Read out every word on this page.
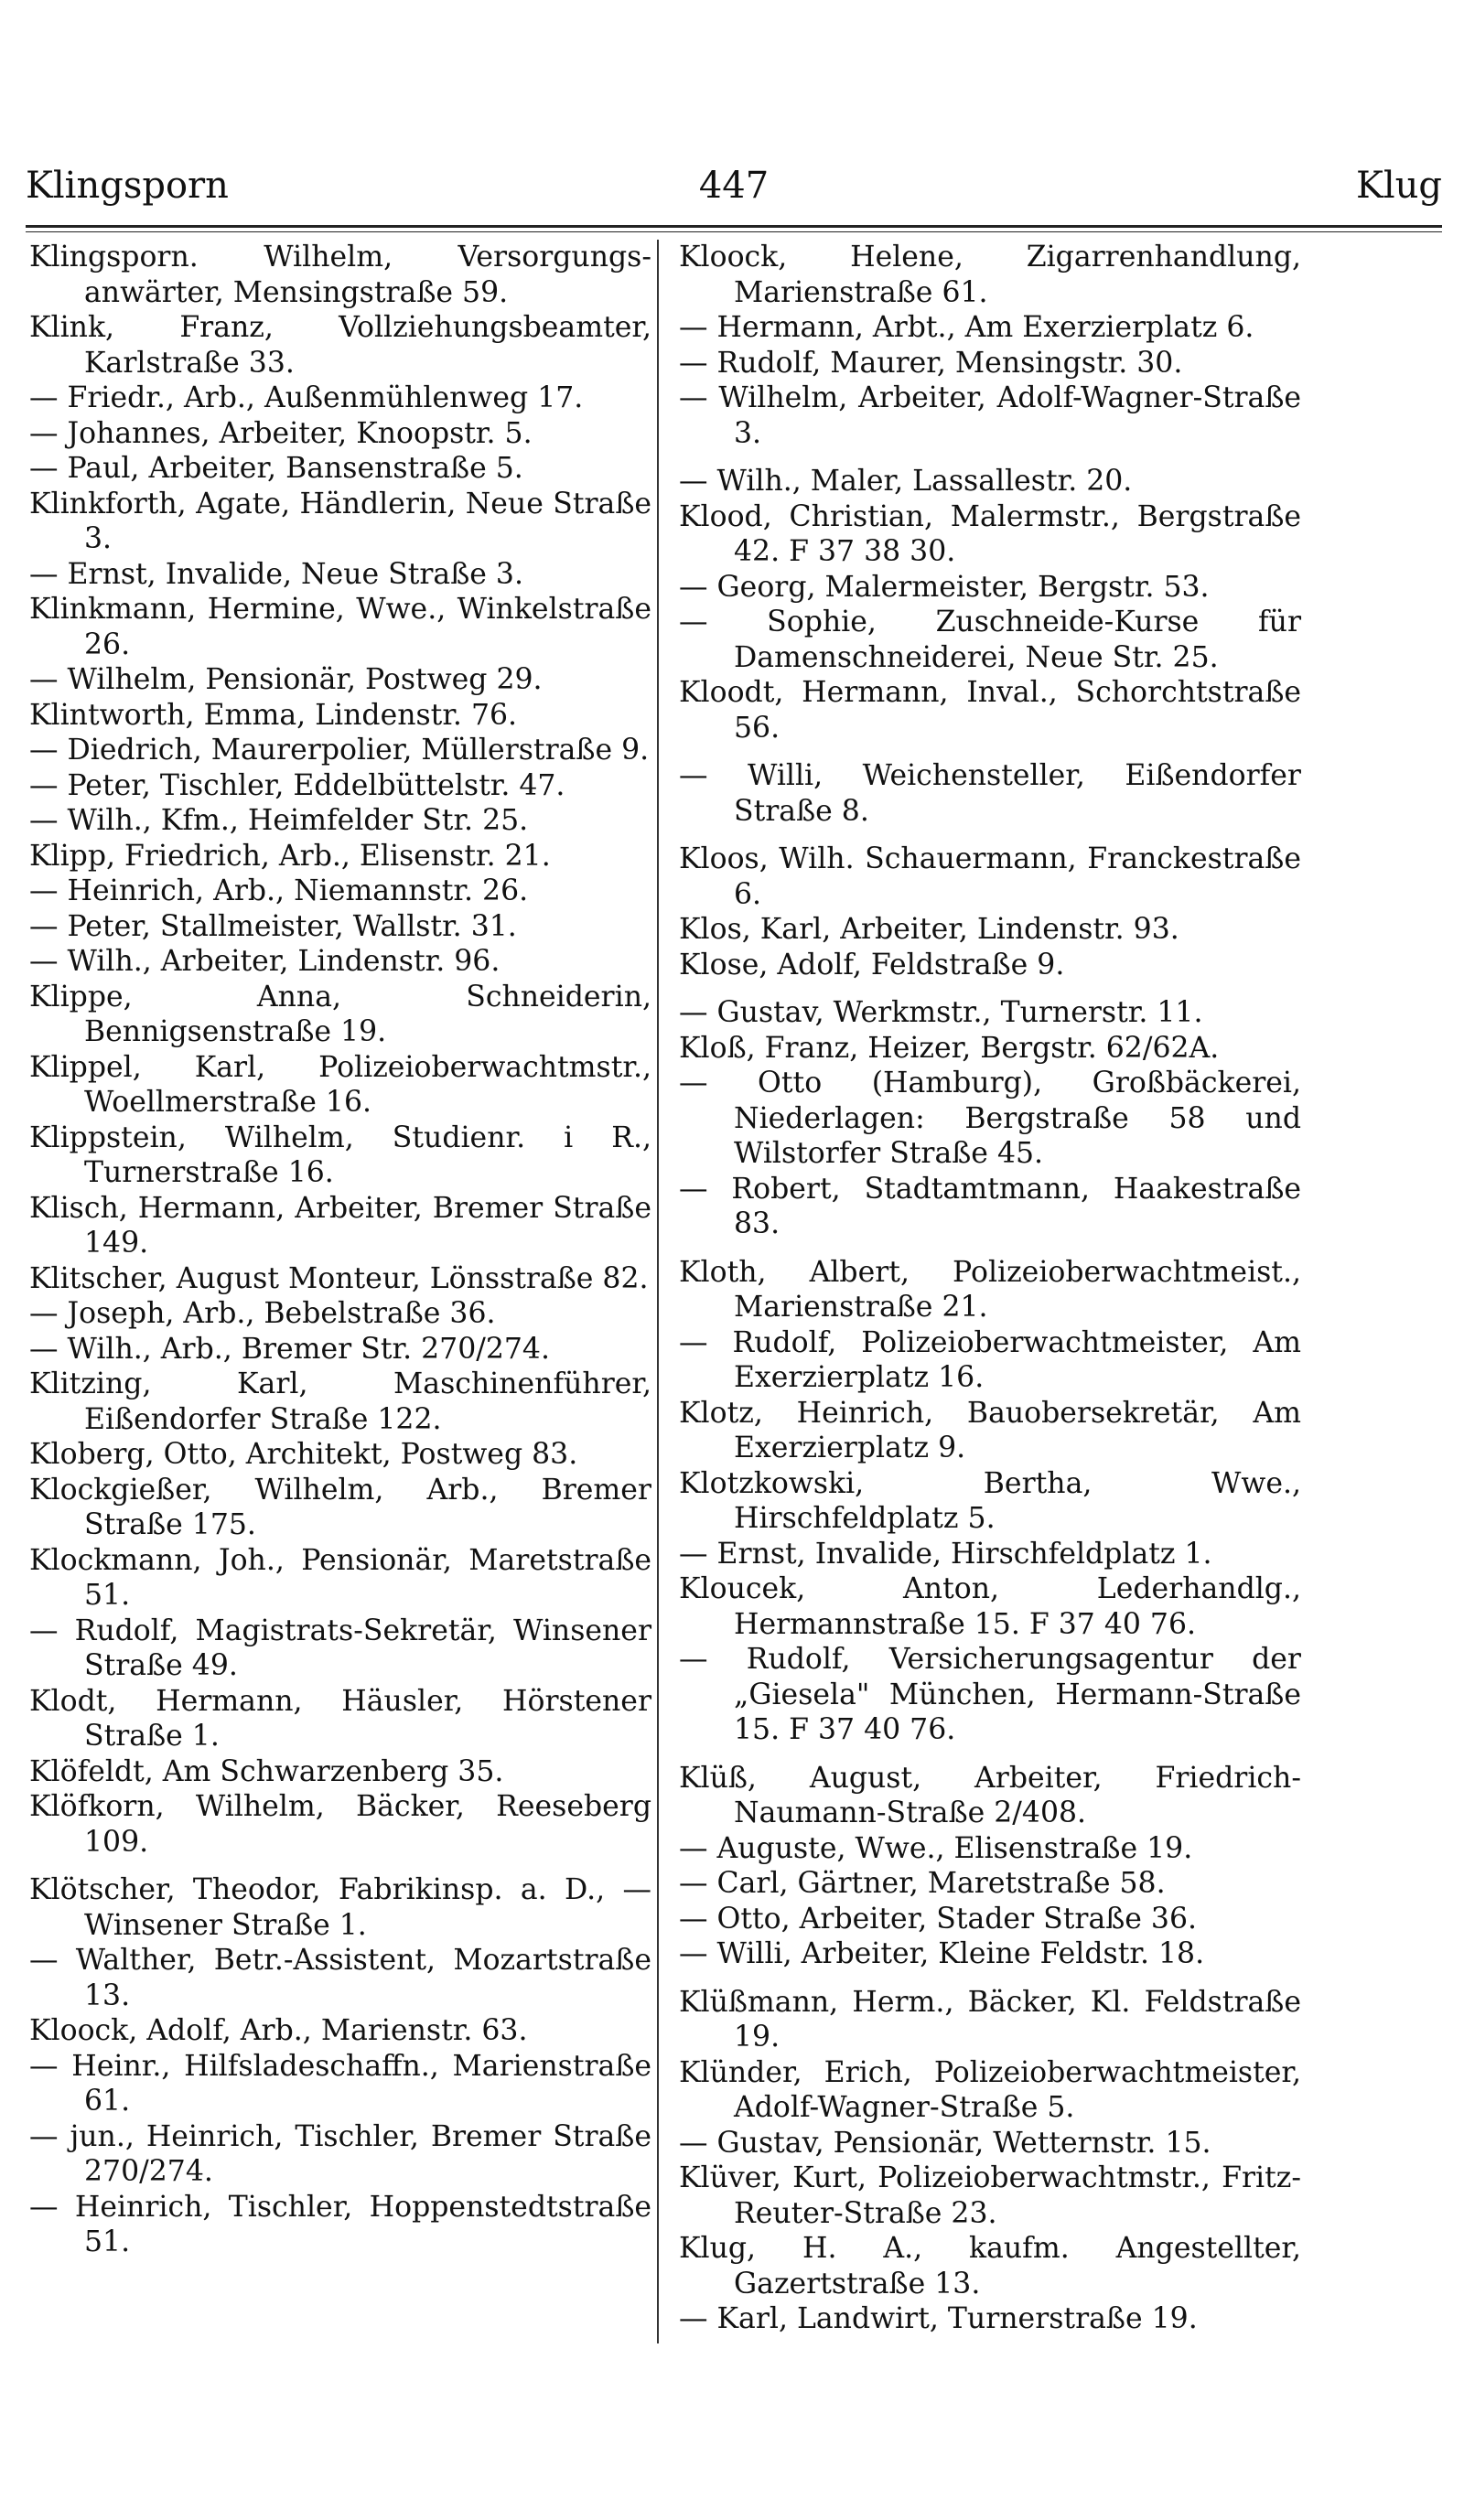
Klingsporn	447	Klug

Klingsporn. Wilhelm, Versorgungs-anwärter, Mensingstraße 59.

Klink, Franz, Vollziehungsbeamter, Karlstraße 33.

— Friedr., Arb., Außenmühlenweg 17.

— Johannes, Arbeiter, Knoopstr. 5.

— Paul, Arbeiter, Bansenstraße 5.

Klinkforth, Agate, Händlerin, Neue Straße 3.

— Ernst, Invalide, Neue Straße 3.

Klinkmann, Hermine, Wwe., Winkelstraße 26.

— Wilhelm, Pensionär, Postweg 29.

Klintworth, Emma, Lindenstr. 76.

— Diedrich, Maurerpolier, Müllerstraße 9.

— Peter, Tischler, Eddelbüttelstr. 47.

— Wilh., Kfm., Heimfelder Str. 25.

Klipp, Friedrich, Arb., Elisenstr. 21.

— Heinrich, Arb., Niemannstr. 26.

— Peter, Stallmeister, Wallstr. 31.

— Wilh., Arbeiter, Lindenstr. 96.

Klippe, Anna, Schneiderin, Bennigsenstraße 19.

Klippel, Karl, Polizeioberwachtmstr., Woellmerstraße 16.

Klippstein, Wilhelm, Studienr. i R., Turnerstraße 16.

Klisch, Hermann, Arbeiter, Bremer Straße 149.

Klitscher, August Monteur, Lönsstraße 82.

— Joseph, Arb., Bebelstraße 36.

— Wilh., Arb., Bremer Str. 270/274.

Klitzing, Karl, Maschinenführer, Eißendorfer Straße 122.

Kloberg, Otto, Architekt, Postweg 83.

Klockgießer, Wilhelm, Arb., Bremer Straße 175.

Klockmann, Joh., Pensionär, Maretstraße 51.

— Rudolf, Magistrats-Sekretär, Winsener Straße 49.

Klodt, Hermann, Häusler, Hörstener Straße 1.

Klöfeldt, Am Schwarzenberg 35.

Klöfkorn, Wilhelm, Bäcker, Reeseberg 109.

Klötscher, Theodor, Fabrikinsp. a. D., — Winsener Straße 1.

— Walther, Betr.-Assistent, Mozartstraße 13.

Kloock, Adolf, Arb., Marienstr. 63.

— Heinr., Hilfsladeschaffn., Marienstraße 61.

— jun., Heinrich, Tischler, Bremer Straße 270/274.

— Heinrich, Tischler, Hoppenstedtstraße 51.

Kloock, Helene, Zigarrenhandlung, Marienstraße 61.

— Hermann, Arbt., Am Exerzierplatz 6.

— Rudolf, Maurer, Mensingstr. 30.

— Wilhelm, Arbeiter, Adolf-Wagner-Straße 3.

— Wilh., Maler, Lassallestr. 20.

Klood, Christian, Malermstr., Bergstraße 42. F 37 38 30.

— Georg, Malermeister, Bergstr. 53.

— Sophie, Zuschneide-Kurse für Damenschneiderei, Neue Str. 25.

Kloodt, Hermann, Inval., Schorchtstraße 56.

— Willi, Weichensteller, Eißendorfer Straße 8.

Kloos, Wilh. Schauermann, Franckestraße 6.

Klos, Karl, Arbeiter, Lindenstr. 93.

Klose, Adolf, Feldstraße 9.

— Gustav, Werkmstr., Turnerstr. 11.

Kloß, Franz, Heizer, Bergstr. 62/62A.

— Otto (Hamburg), Großbäckerei, Niederlagen: Bergstraße 58 und Wilstorfer Straße 45.

— Robert, Stadtamtmann, Haakestraße 83.

Kloth, Albert, Polizeioberwachtmeist., Marienstraße 21.

— Rudolf, Polizeioberwachtmeister, Am Exerzierplatz 16.

Klotz, Heinrich, Bauobersekretär, Am Exerzierplatz 9.

Klotzkowski, Bertha, Wwe., Hirschfeldplatz 5.

— Ernst, Invalide, Hirschfeldplatz 1.

Kloucek, Anton, Lederhandlg., Hermannstraße 15. F 37 40 76.

— Rudolf, Versicherungsagentur der „Giesela" München, Hermann-Straße 15. F 37 40 76.

Klüß, August, Arbeiter, Friedrich-Naumann-Straße 2/408.

— Auguste, Wwe., Elisenstraße 19.

— Carl, Gärtner, Maretstraße 58.

— Otto, Arbeiter, Stader Straße 36.

— Willi, Arbeiter, Kleine Feldstr. 18.

Klüßmann, Herm., Bäcker, Kl. Feldstraße 19.

Klünder, Erich, Polizeioberwachtmeister, Adolf-Wagner-Straße 5.

— Gustav, Pensionär, Wetternstr. 15.

Klüver, Kurt, Polizeioberwachtmstr., Fritz-Reuter-Straße 23.

Klug, H. A., kaufm. Angestellter, Gazertstraße 13.

— Karl, Landwirt, Turnerstraße 19.
